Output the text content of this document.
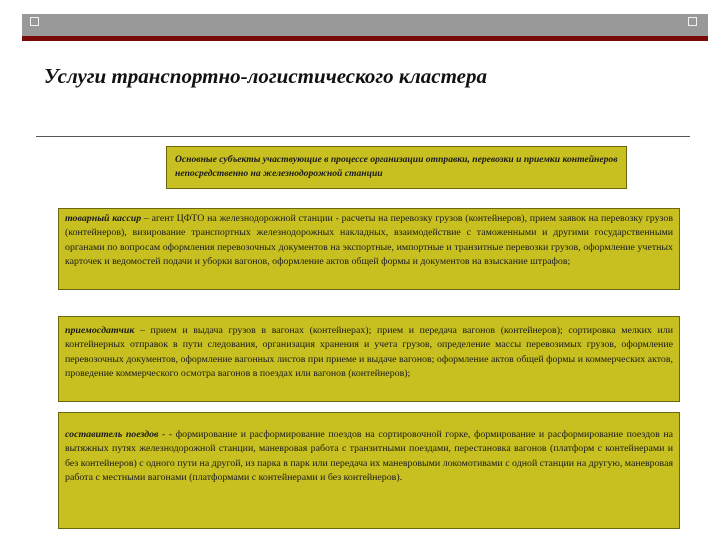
Услуги транспортно-логистического кластера
Основные субъекты участвующие в процессе организации отправки, перевозки и приемки контейнеров непосредственно на железнодорожной станции
товарный кассир – агент ЦФТО на железнодорожной станции - расчеты на перевозку грузов (контейнеров), прием заявок на перевозку грузов (контейнеров), визирование транспортных железнодорожных накладных, взаимодействие с таможенными и другими государственными органами по вопросам оформления перевозочных документов на экспортные, импортные и транзитные перевозки грузов, оформление учетных карточек и ведомостей подачи и уборки вагонов, оформление актов общей формы и документов на взыскание штрафов;
приемосдатчик – прием и выдача грузов в вагонах (контейнерах); прием и передача вагонов (контейнеров); сортировка мелких или контейнерных отправок в пути следования, организация хранения и учета грузов, определение массы перевозимых грузов, оформление перевозочных документов, оформление вагонных листов при приеме и выдаче вагонов; оформление актов общей формы и коммерческих актов, проведение коммерческого осмотра вагонов в поездах или вагонов (контейнеров);
составитель поездов - - формирование и расформирование поездов на сортировочной горке, формирование и расформирование поездов на вытяжных путях железнодорожной станции, маневровая работа с транзитными поездами, перестановка вагонов (платформ с контейнерами и без контейнеров) с одного пути на другой, из парка в парк или передача их маневровыми локомотивами с одной станции на другую, маневровая работа с местными вагонами (платформами с контейнерами и без контейнеров).
